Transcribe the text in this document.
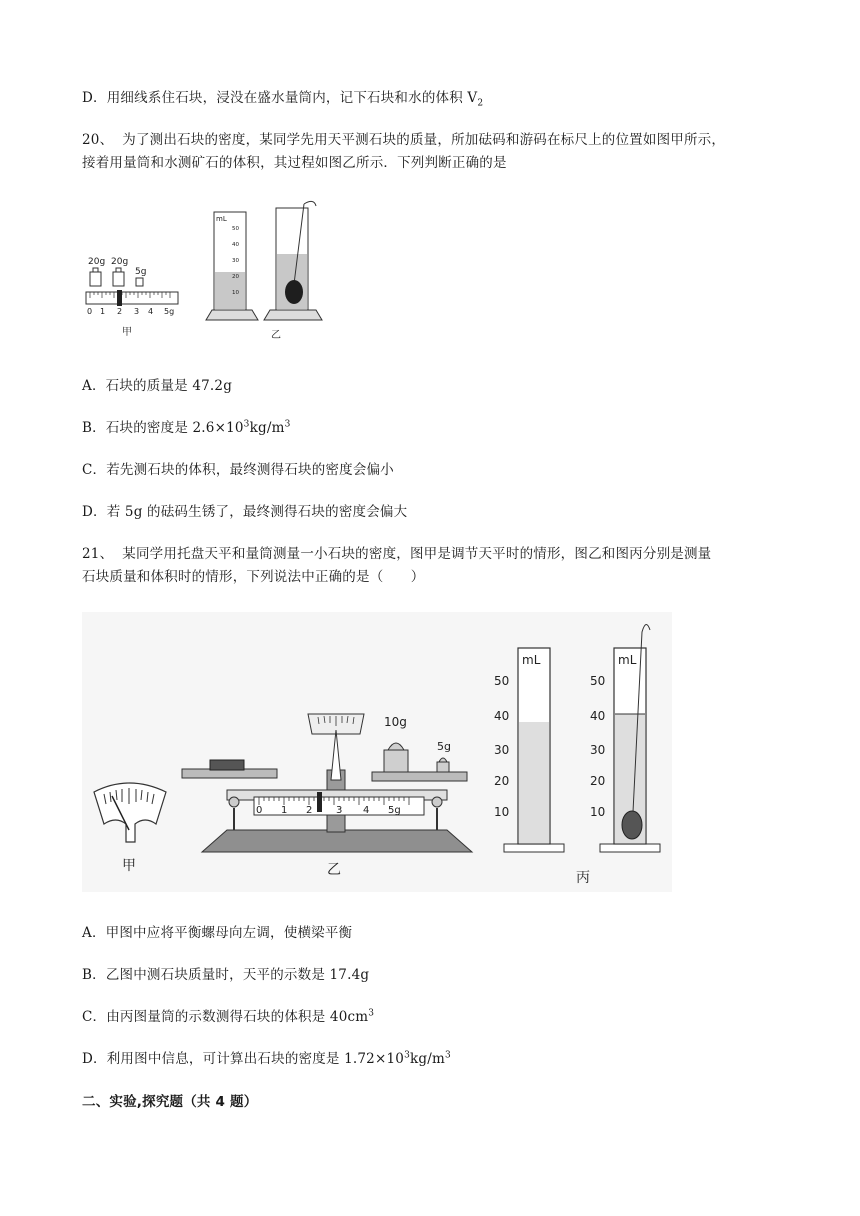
D．用细线系住石块，浸没在盛水量筒内，记下石块和水的体积 $V_2$
20、 为了测出石块的密度，某同学先用天平测石块的质量，所加砝码和游码在标尺上的位置如图甲所示，
接着用量筒和水测矿石的体积，其过程如图乙所示．下列判断正确的是
20g 20g
5g
0 1 2 3 4 5g
甲
mL
50
40
30
20
10
乙
A．石块的质量是 47.2g
B．石块的密度是 $2.6\times 10^3kg/m^3$
C．若先测石块的体积，最终测得石块的密度会偏小
D．若 5g 的砝码生锈了，最终测得石块的密度会偏大
21、 某同学用托盘天平和量筒测量一小石块的密度，图甲是调节天平时的情形，图乙和图丙分别是测量
石块质量和体积时的情形，下列说法中正确的是（　　）
甲
0 1 2 3 4 5g
10g
5g
乙
mL
50
40
30
20
10
mL
50
40
30
20
10
丙
A．甲图中应将平衡螺母向左调，使横梁平衡
B．乙图中测石块质量时，天平的示数是 17.4g
C．由丙图量筒的示数测得石块的体积是 $40cm^3$
D．利用图中信息，可计算出石块的密度是 $1.72\times 10^3kg/m^3$
二、实验,探究题（共 4 题）
